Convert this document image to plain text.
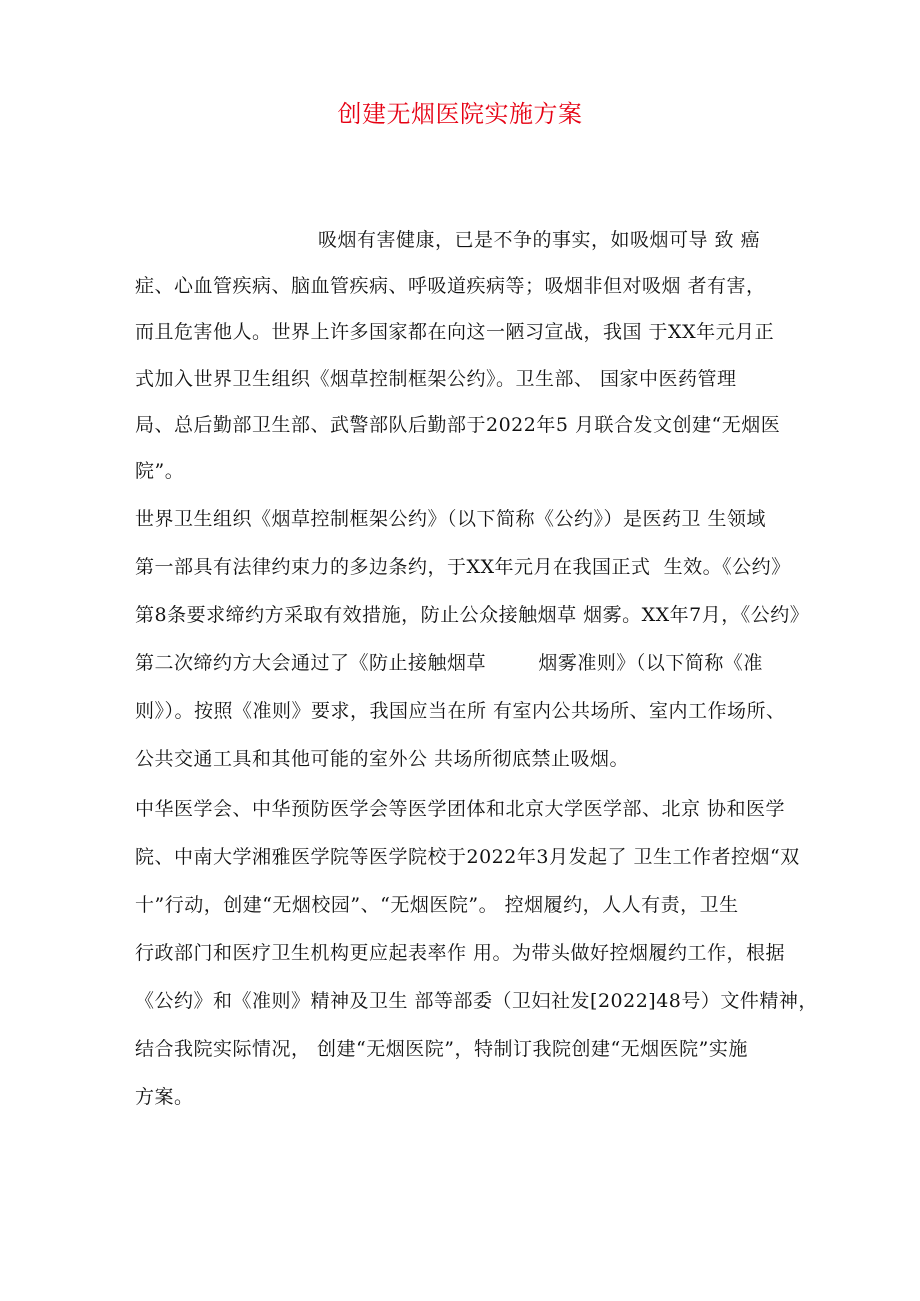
创建无烟医院实施方案
吸烟有害健康，已是不争的事实，如吸烟可导 致 癌
症、心血管疾病、脑血管疾病、呼吸道疾病等；吸烟非但对吸烟 者有害，
而且危害他人。世界上许多国家都在向这一陋习宣战，我国 于XX年元月正
式加入世界卫生组织《烟草控制框架公约》。卫生部、 国家中医药管理
局、总后勤部卫生部、武警部队后勤部于2022年5 月联合发文创建“无烟医
院”。
世界卫生组织《烟草控制框架公约》（以下简称《公约》）是医药卫 生领域
第一部具有法律约束力的多边条约，于XX年元月在我国正式  生效。《公约》
第8条要求缔约方采取有效措施，防止公众接触烟草 烟雾。XX年7月，《公约》
第二次缔约方大会通过了《防止接触烟草        烟雾准则》（以下简称《准
则》）。按照《准则》要求，我国应当在所 有室内公共场所、室内工作场所、
公共交通工具和其他可能的室外公 共场所彻底禁止吸烟。
中华医学会、中华预防医学会等医学团体和北京大学医学部、北京 协和医学
院、中南大学湘雅医学院等医学院校于2022年3月发起了 卫生工作者控烟“双
十”行动，创建“无烟校园”、“无烟医院”。 控烟履约，人人有责，卫生
行政部门和医疗卫生机构更应起表率作 用。为带头做好控烟履约工作，根据
《公约》和《准则》精神及卫生 部等部委（卫妇社发[2022]48号）文件精神，
结合我院实际情况， 创建“无烟医院”，特制订我院创建“无烟医院”实施
方案。
